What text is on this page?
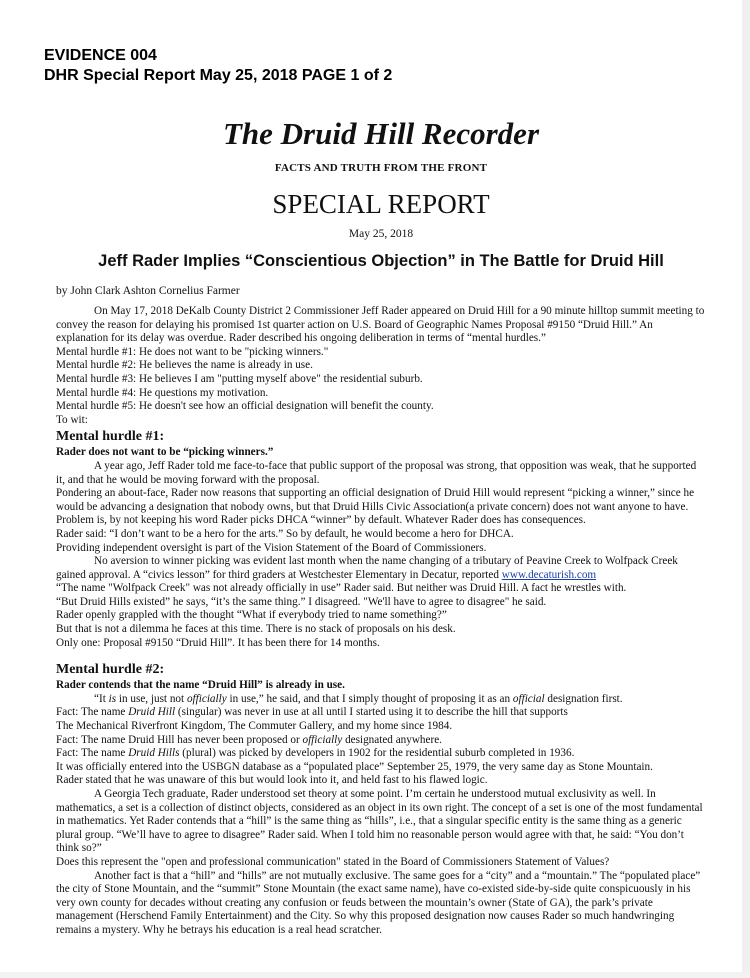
EVIDENCE 004
DHR Special Report May 25, 2018 PAGE 1 of 2
The Druid Hill Recorder
FACTS AND TRUTH FROM THE FRONT
SPECIAL REPORT
May 25, 2018
Jeff Rader Implies “Conscientious Objection” in The Battle for Druid Hill
by John Clark Ashton Cornelius Farmer

On May 17, 2018 DeKalb County District 2 Commissioner Jeff Rader appeared on Druid Hill for a 90 minute hilltop summit meeting to convey the reason for delaying his promised 1st quarter action on U.S. Board of Geographic Names Proposal #9150 “Druid Hill.” An explanation for its delay was overdue. Rader described his ongoing deliberation in terms of “mental hurdles.”

Mental hurdle #1: He does not want to be "picking winners."

Mental hurdle #2: He believes the name is already in use.

Mental hurdle #3: He believes I am "putting myself above" the residential suburb.

Mental hurdle #4: He questions my motivation.

Mental hurdle #5: He doesn't see how an official designation will benefit the county.

To wit:

Mental hurdle #1:

Rader does not want to be “picking winners.”

A year ago, Jeff Rader told me face-to-face that public support of the proposal was strong, that opposition was weak, that he supported it, and that he would be moving forward with the proposal.

Pondering an about-face, Rader now reasons that supporting an official designation of Druid Hill would represent “picking a winner,” since he would be advancing a designation that nobody owns, but that Druid Hills Civic Association(a private concern) does not want anyone to have. Problem is, by not keeping his word Rader picks DHCA “winner” by default. Whatever Rader does has consequences.

Rader said: “I don’t want to be a hero for the arts.” So by default, he would become a hero for DHCA.

Providing independent oversight is part of the Vision Statement of the Board of Commissioners.

No aversion to winner picking was evident last month when the name changing of a tributary of Peavine Creek to Wolfpack Creek gained approval. A “civics lesson” for third graders at Westchester Elementary in Decatur, reported www.decaturish.com

“The name "Wolfpack Creek" was not already officially in use” Rader said. But neither was Druid Hill. A fact he wrestles with.

“But Druid Hills existed” he says, “it’s the same thing.” I disagreed. "We'll have to agree to disagree" he said.

Rader openly grappled with the thought “What if everybody tried to name something?”

But that is not a dilemma he faces at this time. There is no stack of proposals on his desk.

Only one: Proposal #9150 “Druid Hill”. It has been there for 14 months.

Mental hurdle #2:

Rader contends that the name “Druid Hill” is already in use.

“It is in use, just not officially in use,” he said, and that I simply thought of proposing it as an official designation first.

Fact: The name Druid Hill (singular) was never in use at all until I started using it to describe the hill that supports

The Mechanical Riverfront Kingdom, The Commuter Gallery, and my home since 1984.

Fact: The name Druid Hill has never been proposed or officially designated anywhere.

Fact: The name Druid Hills (plural) was picked by developers in 1902 for the residential suburb completed in 1936.

It was officially entered into the USBGN database as a “populated place” September 25, 1979, the very same day as Stone Mountain.

Rader stated that he was unaware of this but would look into it, and held fast to his flawed logic.

A Georgia Tech graduate, Rader understood set theory at some point. I’m certain he understood mutual exclusivity as well. In mathematics, a set is a collection of distinct objects, considered as an object in its own right. The concept of a set is one of the most fundamental in mathematics. Yet Rader contends that a “hill” is the same thing as “hills”, i.e., that a singular specific entity is the same thing as a generic plural group. “We’ll have to agree to disagree” Rader said. When I told him no reasonable person would agree with that, he said: “You don’t think so?”

Does this represent the "open and professional communication" stated in the Board of Commissioners Statement of Values?

Another fact is that a “hill” and “hills” are not mutually exclusive. The same goes for a “city” and a “mountain.” The “populated place” the city of Stone Mountain, and the “summit” Stone Mountain (the exact same name), have co-existed side-by-side quite conspicuously in his very own county for decades without creating any confusion or feuds between the mountain’s owner (State of GA), the park’s private management (Herschend Family Entertainment) and the City. So why this proposed designation now causes Rader so much handwringing remains a mystery. Why he betrays his education is a real head scratcher.
